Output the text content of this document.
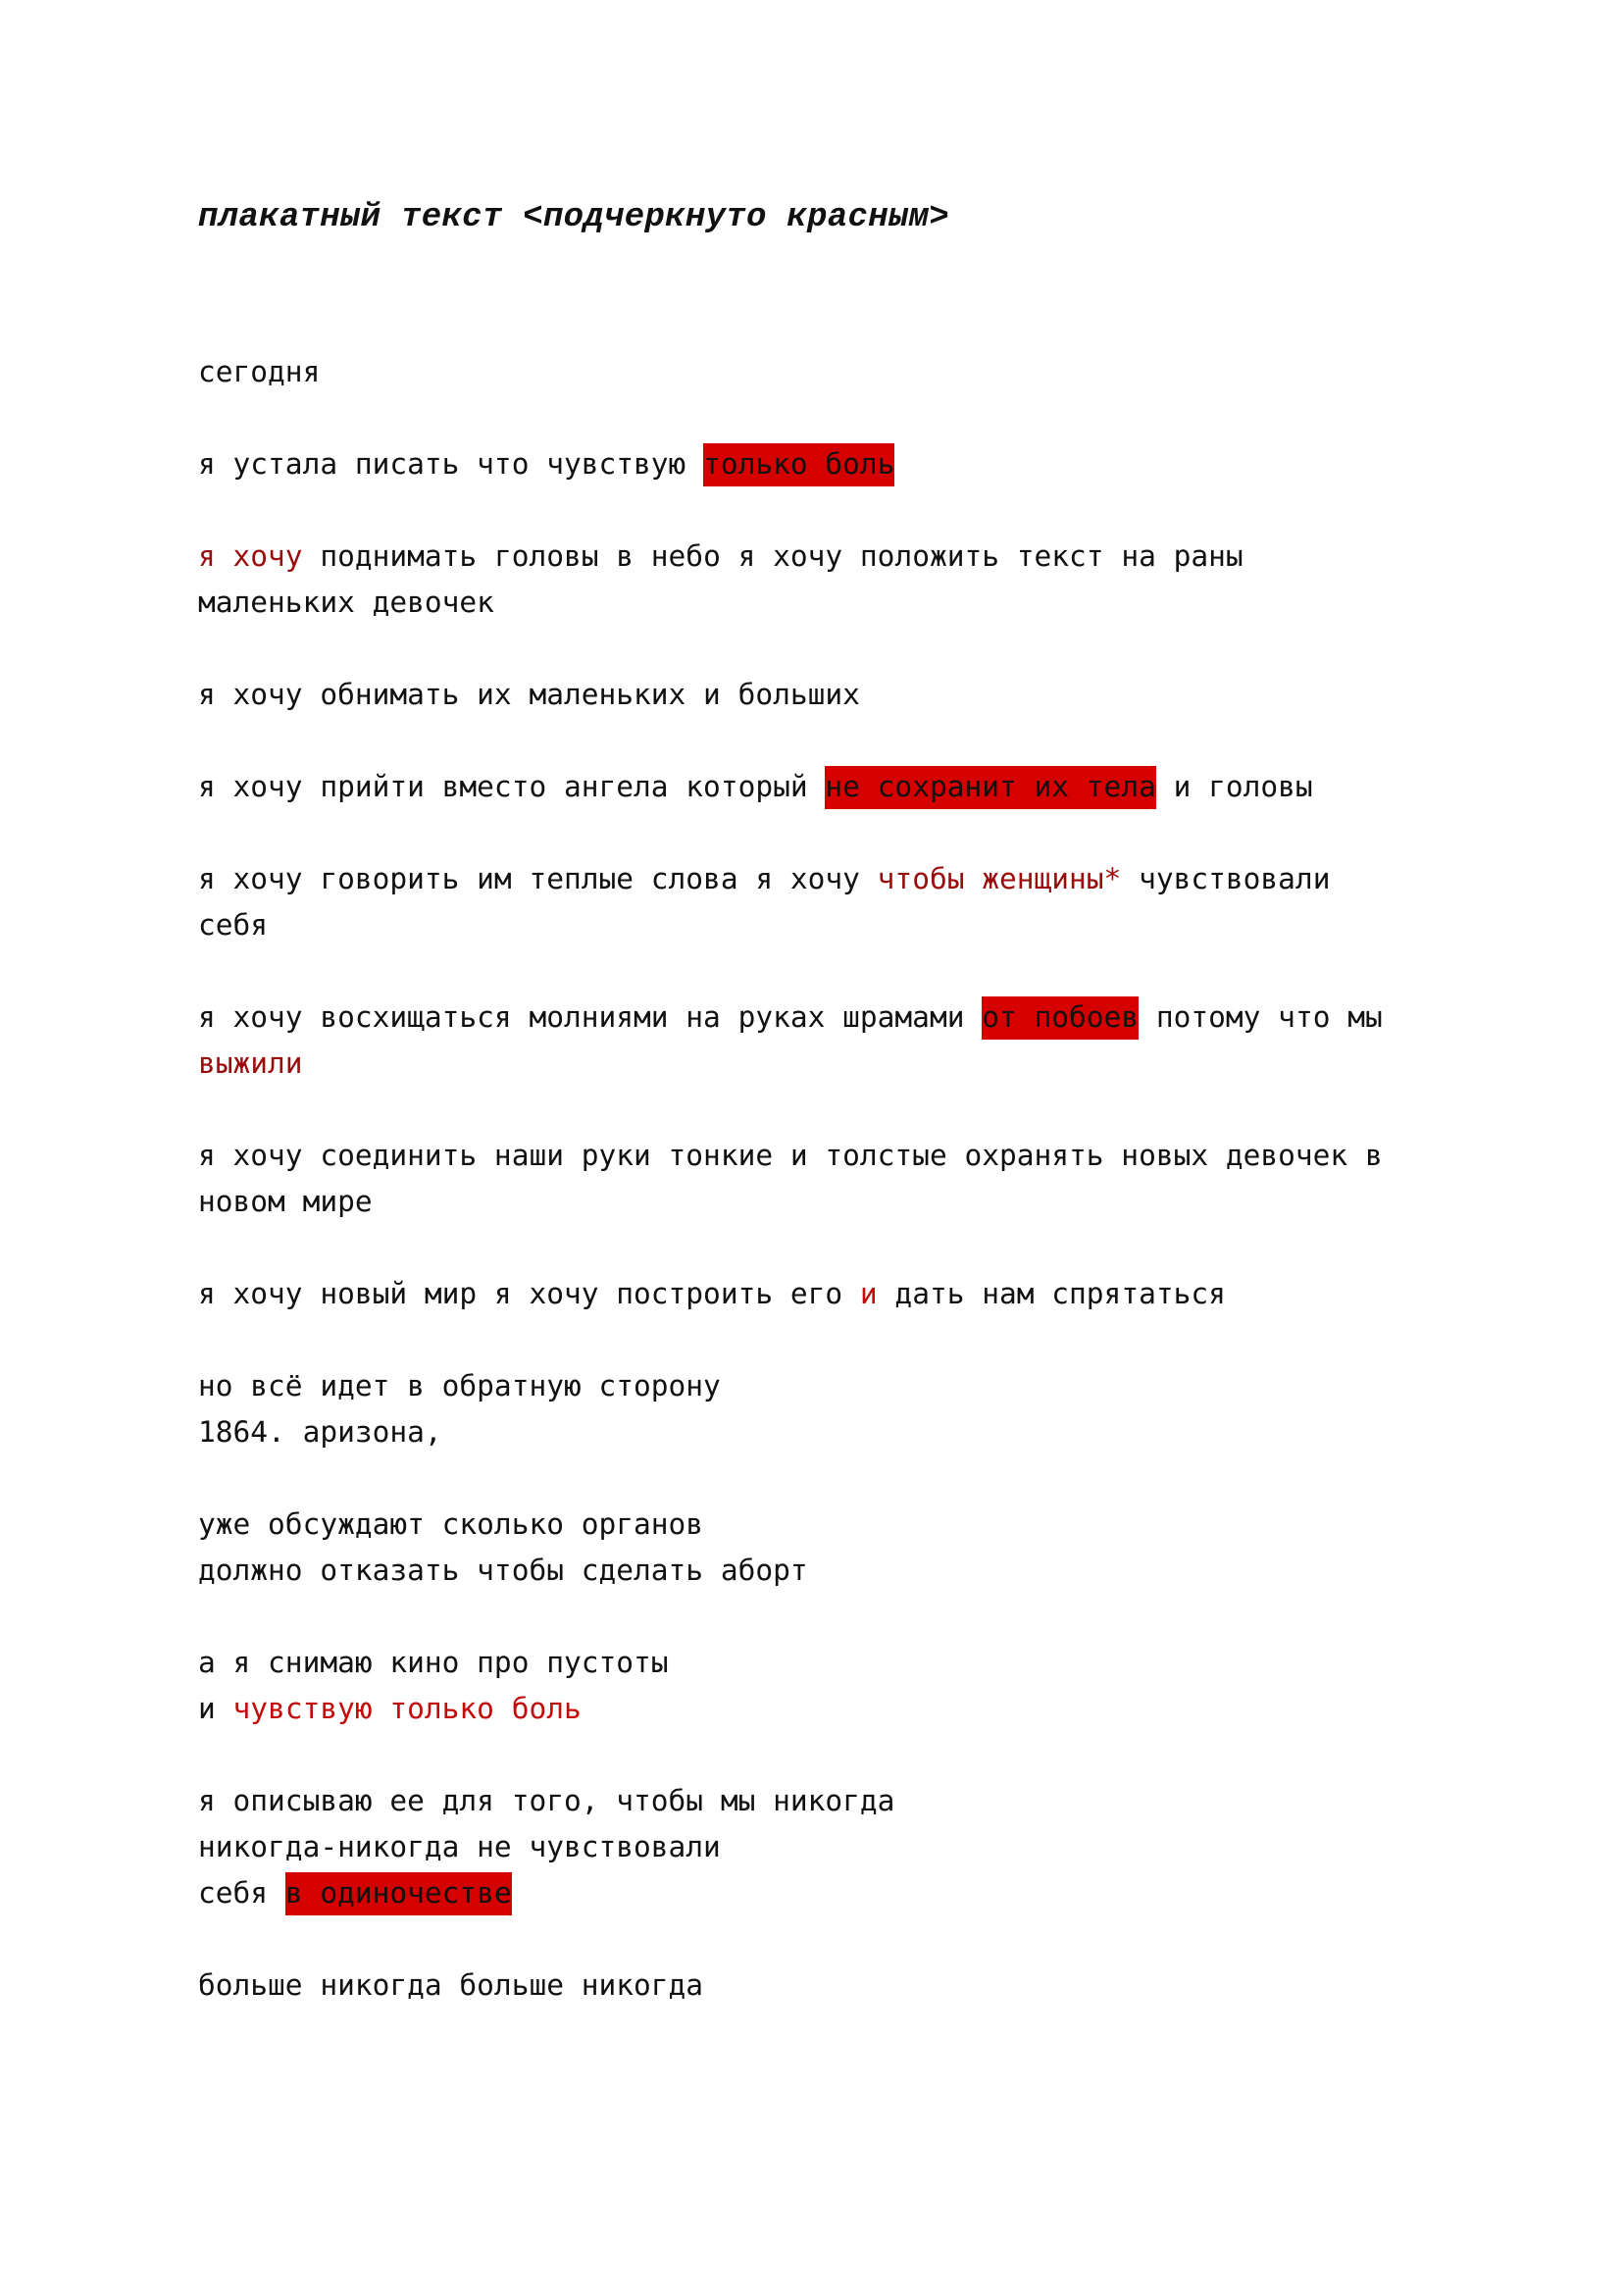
плакатный текст <подчеркнуто красным>

сегодня

я устала писать что чувствую только боль

я хочу поднимать головы в небо я хочу положить текст на раны
маленьких девочек

я хочу обнимать их маленьких и больших

я хочу прийти вместо ангела который не сохранит их тела и головы

я хочу говорить им теплые слова я хочу чтобы женщины* чувствовали
себя

я хочу восхищаться молниями на руках шрамами от побоев потому что мы
выжили

я хочу соединить наши руки тонкие и толстые охранять новых девочек в
новом мире

я хочу новый мир я хочу построить его и дать нам спрятаться

но всё идет в обратную сторону
1864. аризона,

уже обсуждают сколько органов
должно отказать чтобы сделать аборт

а я снимаю кино про пустоты
и чувствую только боль

я описываю ее для того, чтобы мы никогда
никогда-никогда не чувствовали
себя в одиночестве

больше никогда больше никогда
